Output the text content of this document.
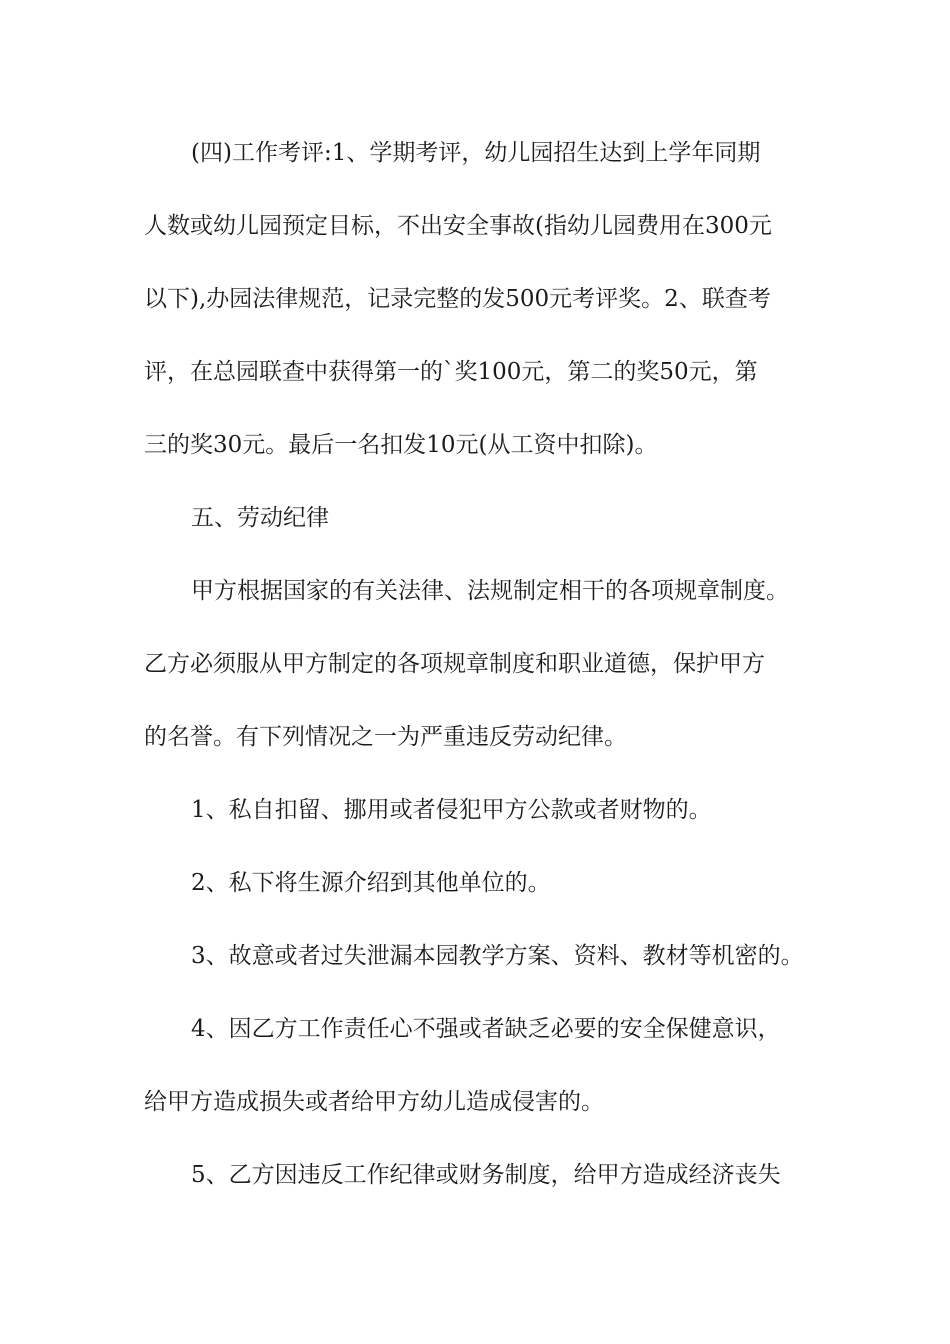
(四)工作考评:1、学期考评，幼儿园招生达到上学年同期
人数或幼儿园预定目标，不出安全事故(指幼儿园费用在300元
以下),办园法律规范，记录完整的发500元考评奖。2、联查考
评，在总园联查中获得第一的`奖100元，第二的奖50元，第
三的奖30元。最后一名扣发10元(从工资中扣除)。
五、劳动纪律
甲方根据国家的有关法律、法规制定相干的各项规章制度。
乙方必须服从甲方制定的各项规章制度和职业道德，保护甲方
的名誉。有下列情况之一为严重违反劳动纪律。
1、私自扣留、挪用或者侵犯甲方公款或者财物的。
2、私下将生源介绍到其他单位的。
3、故意或者过失泄漏本园教学方案、资料、教材等机密的。
4、因乙方工作责任心不强或者缺乏必要的安全保健意识，
给甲方造成损失或者给甲方幼儿造成侵害的。
5、乙方因违反工作纪律或财务制度，给甲方造成经济丧失
